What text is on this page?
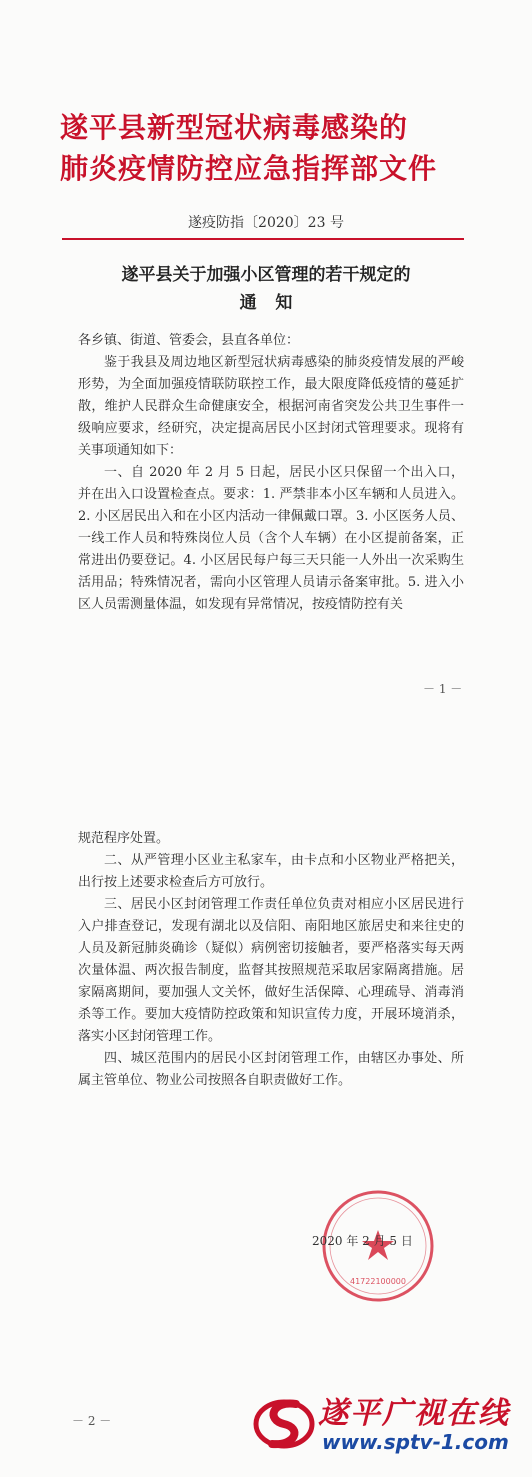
遂平县新型冠状病毒感染的
肺炎疫情防控应急指挥部文件
遂疫防指〔2020〕23 号
遂平县关于加强小区管理的若干规定的
通知

各乡镇、街道、管委会，县直各单位：

鉴于我县及周边地区新型冠状病毒感染的肺炎疫情发展的严峻形势，为全面加强疫情联防联控工作，最大限度降低疫情的蔓延扩散，维护人民群众生命健康安全，根据河南省突发公共卫生事件一级响应要求，经研究，决定提高居民小区封闭式管理要求。现将有关事项通知如下：

一、自 2020 年 2 月 5 日起，居民小区只保留一个出入口，并在出入口设置检查点。要求：1. 严禁非本小区车辆和人员进入。2. 小区居民出入和在小区内活动一律佩戴口罩。3. 小区医务人员、一线工作人员和特殊岗位人员（含个人车辆）在小区提前备案，正常进出仍要登记。4. 小区居民每户每三天只能一人外出一次采购生活用品；特殊情况者，需向小区管理人员请示备案审批。5. 进入小区人员需测量体温，如发现有异常情况，按疫情防控有关

－ 1 －

规范程序处置。

二、从严管理小区业主私家车，由卡点和小区物业严格把关，出行按上述要求检查后方可放行。

三、居民小区封闭管理工作责任单位负责对相应小区居民进行入户排查登记，发现有湖北以及信阳、南阳地区旅居史和来往史的人员及新冠肺炎确诊（疑似）病例密切接触者，要严格落实每天两次量体温、两次报告制度，监督其按照规范采取居家隔离措施。居家隔离期间，要加强人文关怀，做好生活保障、心理疏导、消毒消杀等工作。要加大疫情防控政策和知识宣传力度，开展环境消杀，落实小区封闭管理工作。

四、城区范围内的居民小区封闭管理工作，由辖区办事处、所属主管单位、物业公司按照各自职责做好工作。

41722100000
2020 年 2 月 5 日
－ 2 －	遂平广视在线
www.sptv-1.com
